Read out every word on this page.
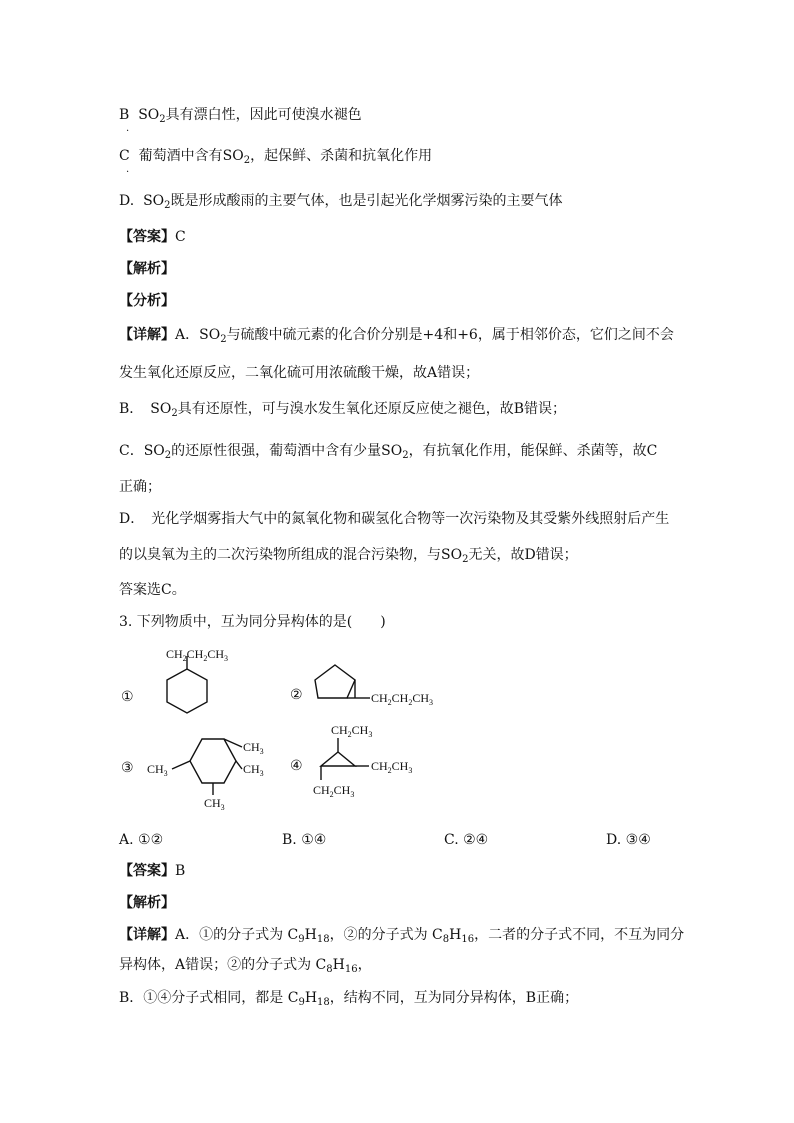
B $SO_2$具有漂白性，因此可使溴水褪色
.
C 葡萄酒中含有$SO_2$，起保鲜、杀菌和抗氧化作用
.
D. $SO_2$既是形成酸雨的主要气体，也是引起光化学烟雾污染的主要气体
【答案】C
【解析】
【分析】
【详解】A．$SO_2$与硫酸中硫元素的化合价分别是+4和+6，属于相邻价态，它们之间不会
发生氧化还原反应，二氧化硫可用浓硫酸干燥，故A错误；
B．　$SO_2$具有还原性，可与溴水发生氧化还原反应使之褪色，故B错误；
C．$SO_2$的还原性很强，葡萄酒中含有少量$SO_2$，有抗氧化作用，能保鲜、杀菌等，故C
正确；
D．　光化学烟雾指大气中的氮氧化物和碳氢化合物等一次污染物及其受紫外线照射后产生
的以臭氧为主的二次污染物所组成的混合污染物，与$SO_2$无关，故D错误；
答案选C。
3. 下列物质中，互为同分异构体的是(　　)
①
$CH_2CH_2CH_3$
②	$CH_2CH_2CH_3$
③
$CH_3$
$CH_3$
$CH_3$
$CH_3$
④
$CH_2CH_3$
$CH_2CH_3$
$CH_2CH_3$
A. ①②	B. ①④	C. ②④	D. ③④
【答案】B
【解析】
【详解】A．①的分子式为 $C_9H_{18}$，②的分子式为 $C_8H_{16}$，二者的分子式不同，不互为同分
异构体，A错误；②的分子式为 $C_8H_{16}$，
B．①④分子式相同，都是 $C_9H_{18}$，结构不同，互为同分异构体，B正确；
